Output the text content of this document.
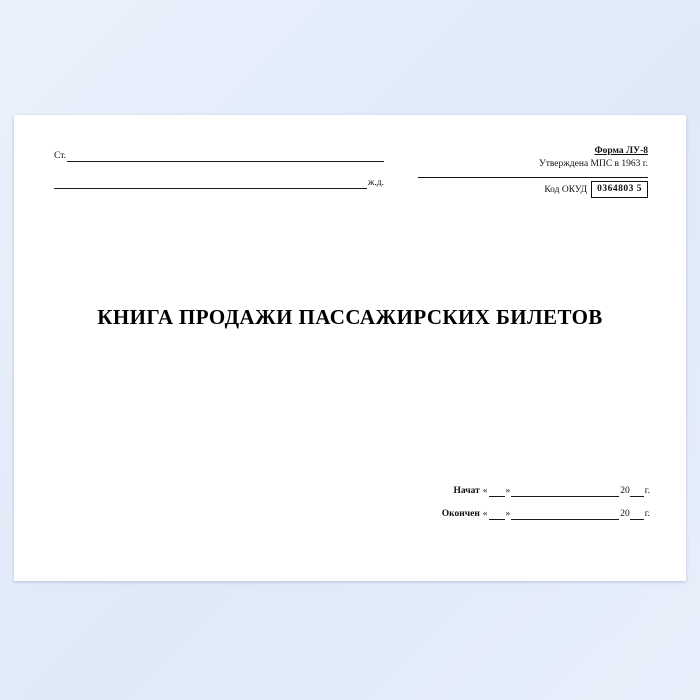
Ст.
ж.д.
Форма ЛУ-8
Утверждена МПС в 1963 г.
Код ОКУД	0364803 5
КНИГА ПРОДАЖИ ПАССАЖИРСКИХ БИЛЕТОВ
Начат « »	20 г.
Окончен « »	20 г.
